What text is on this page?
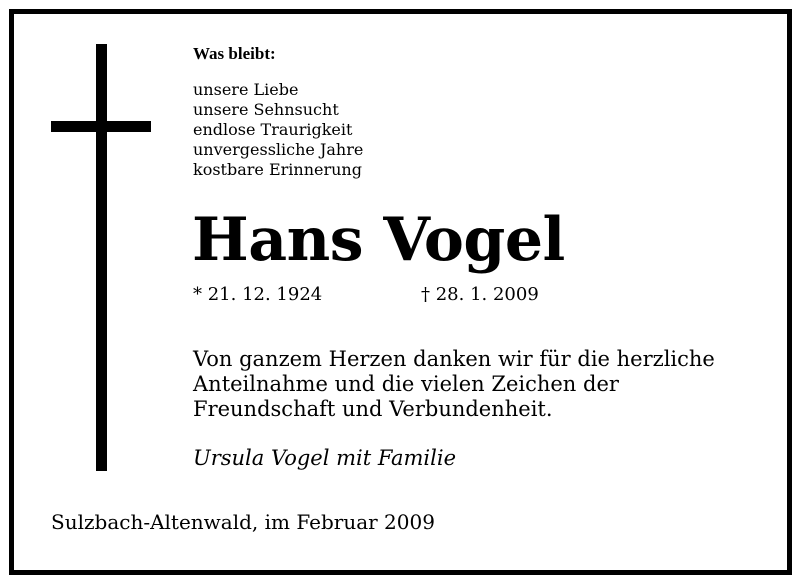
Was bleibt:
unsere Liebe
unsere Sehnsucht
endlose Traurigkeit
unvergessliche Jahre
kostbare Erinnerung
Hans Vogel
* 21. 12. 1924	† 28. 1. 2009
Von ganzem Herzen danken wir für die herzliche
Anteilnahme und die vielen Zeichen der
Freundschaft und Verbundenheit.
Ursula Vogel mit Familie
Sulzbach-Altenwald, im Februar 2009
